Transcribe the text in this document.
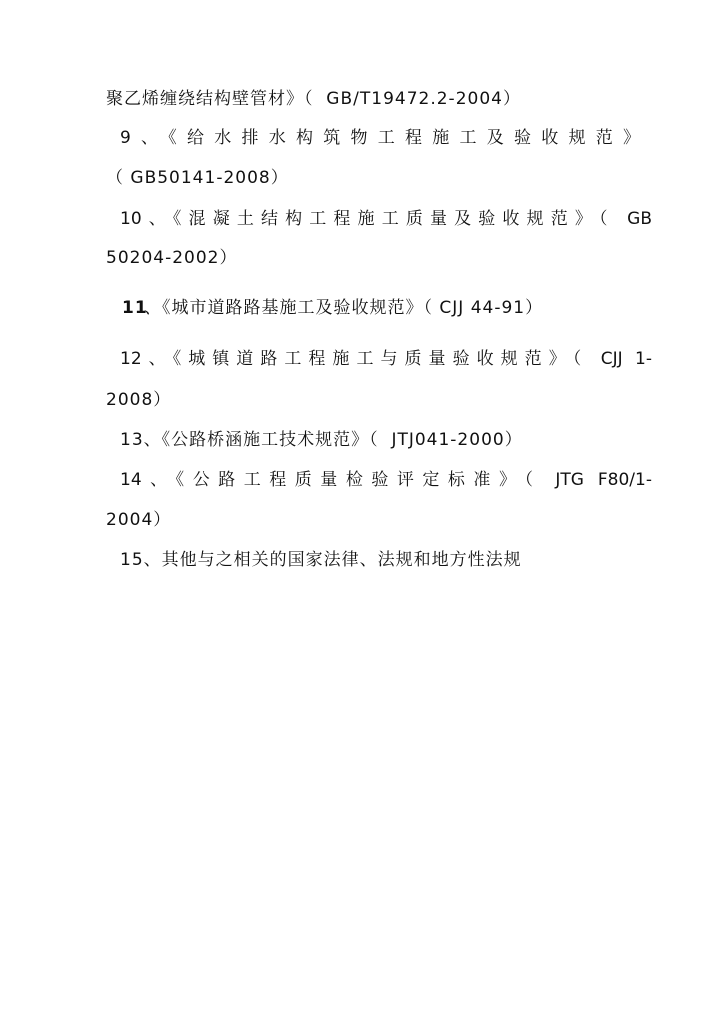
聚乙烯缠绕结构壁管材》（  GB/T19472.2-2004）
9、《给水排水构筑物工程施工及验收规范》
（ GB50141-2008）
10、《混凝土结构工程施工质量及验收规范》（ GB
50204-2002）
11
、《城市道路路基施工及验收规范》（ CJJ 44-91）
12、《城镇道路工程施工与质量验收规范》（ CJJ 1-
2008）
13、《公路桥涵施工技术规范》（  JTJ041-2000）
14、《公路工程质量检验评定标准》（ JTG F80/1-
2004）
15、其他与之相关的国家法律、法规和地方性法规
